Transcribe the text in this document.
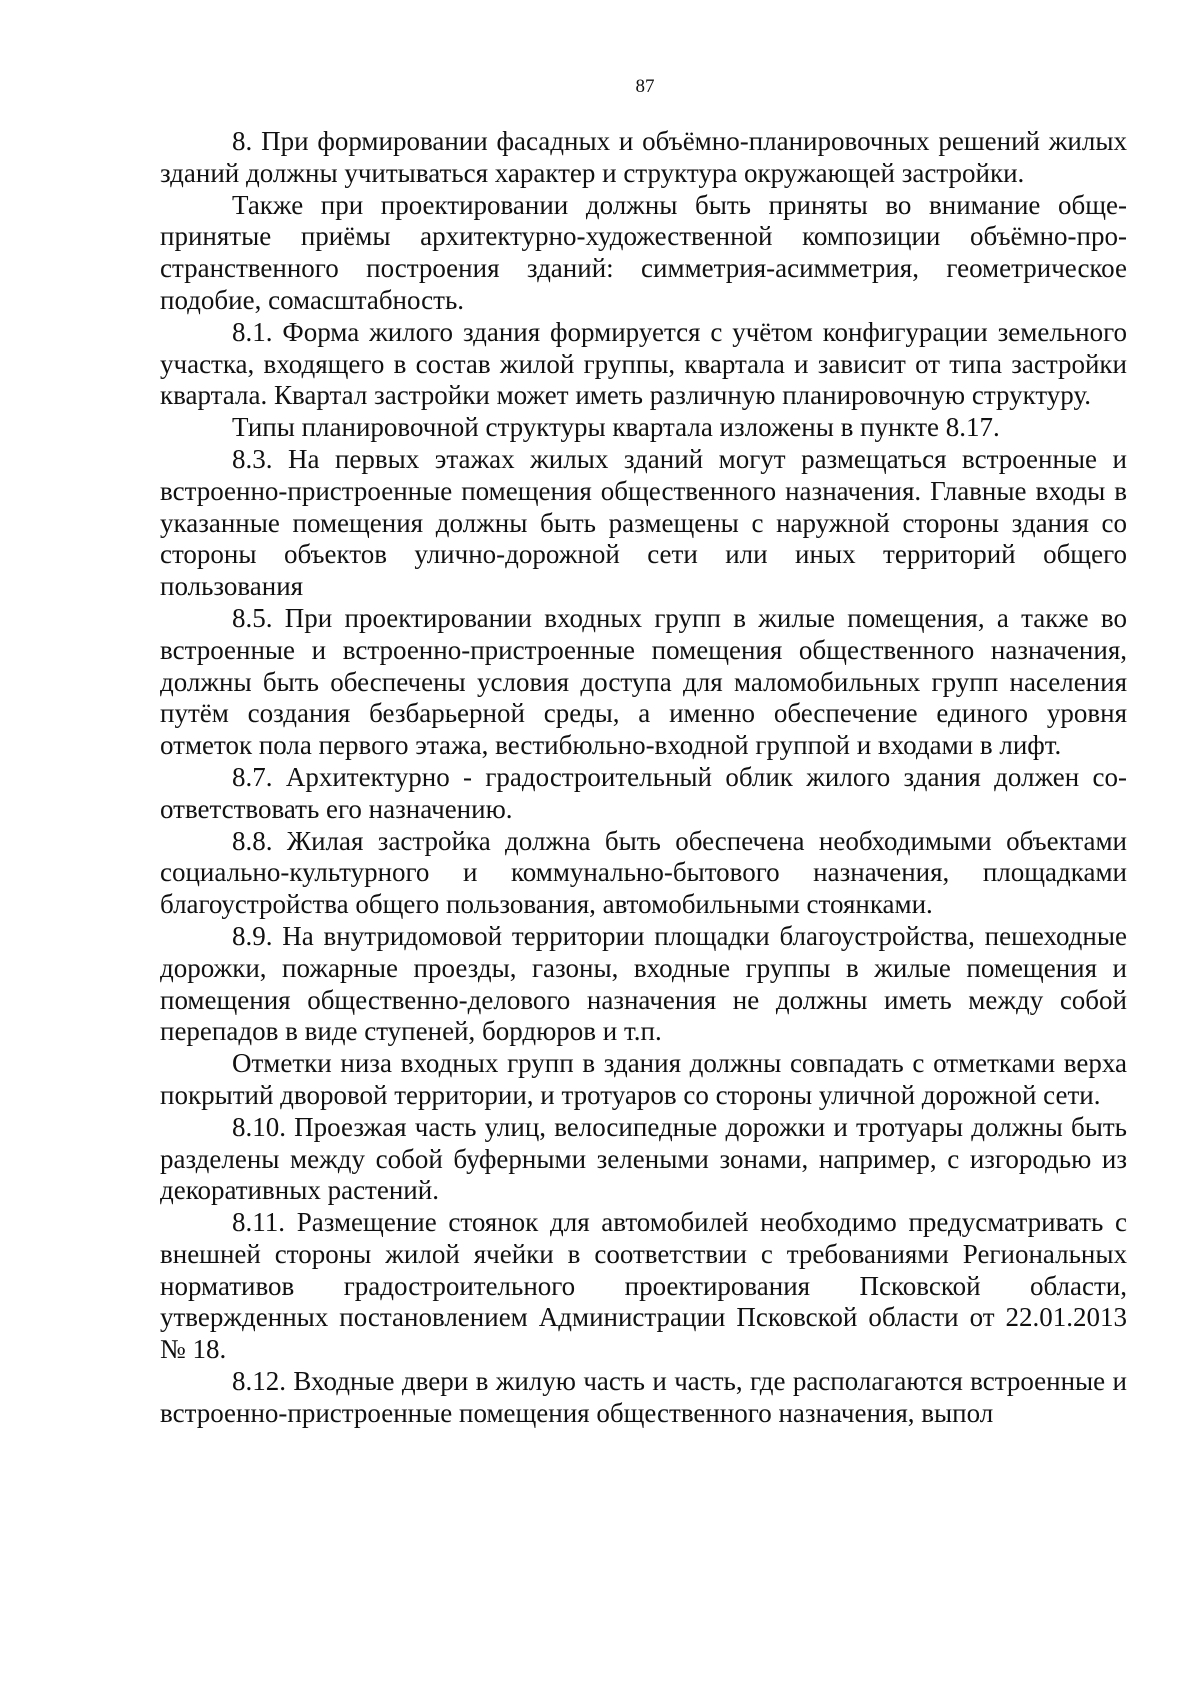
87

8. При формировании фасадных и объёмно-планировочных решений жилых зданий должны учитываться характер и структура окружающей застройки.

Также при проектировании должны быть приняты во внимание общепринятые приёмы архитектурно-художественной композиции объёмно-пространственного построения зданий: симметрия-асимметрия, геометрическое подобие, сомасштабность.

8.1. Форма жилого здания формируется с учётом конфигурации земельного участка, входящего в состав жилой группы, квартала и зависит от типа застройки квартала. Квартал застройки может иметь различную планировочную структуру.

Типы планировочной структуры квартала изложены в пункте 8.17.

8.3. На первых этажах жилых зданий могут размещаться встроенные и встроенно-пристроенные помещения общественного назначения. Главные входы в указанные помещения должны быть размещены с наружной стороны здания со стороны объектов улично-дорожной сети или иных территорий общего пользования

8.5. При проектировании входных групп в жилые помещения, а также во встроенные и встроенно-пристроенные помещения общественного назначения, должны быть обеспечены условия доступа для маломобильных групп населения путём создания безбарьерной среды, а именно обеспечение единого уровня отметок пола первого этажа, вестибюльно-входной группой и входами в лифт.

8.7. Архитектурно - градостроительный облик жилого здания должен соответствовать его назначению.

8.8. Жилая застройка должна быть обеспечена необходимыми объектами социально-культурного и коммунально-бытового назначения, площадками благоустройства общего пользования, автомобильными стоянками.

8.9. На внутридомовой территории площадки благоустройства, пешеходные дорожки, пожарные проезды, газоны, входные группы в жилые помещения и помещения общественно-делового назначения не должны иметь между собой перепадов в виде ступеней, бордюров и т.п.

Отметки низа входных групп в здания должны совпадать с отметками верха покрытий дворовой территории, и тротуаров со стороны уличной дорожной сети.

8.10. Проезжая часть улиц, велосипедные дорожки и тротуары должны быть разделены между собой буферными зелеными зонами, например, с изгородью из декоративных растений.

8.11. Размещение стоянок для автомобилей необходимо предусматривать с внешней стороны жилой ячейки в соответствии с требованиями Региональных нормативов градостроительного проектирования Псковской области, утвержденных постановлением Администрации Псковской области от 22.01.2013 № 18.

8.12. Входные двери в жилую часть и часть, где располагаются встроенные и встроенно-пристроенные помещения общественного назначения, выпол
